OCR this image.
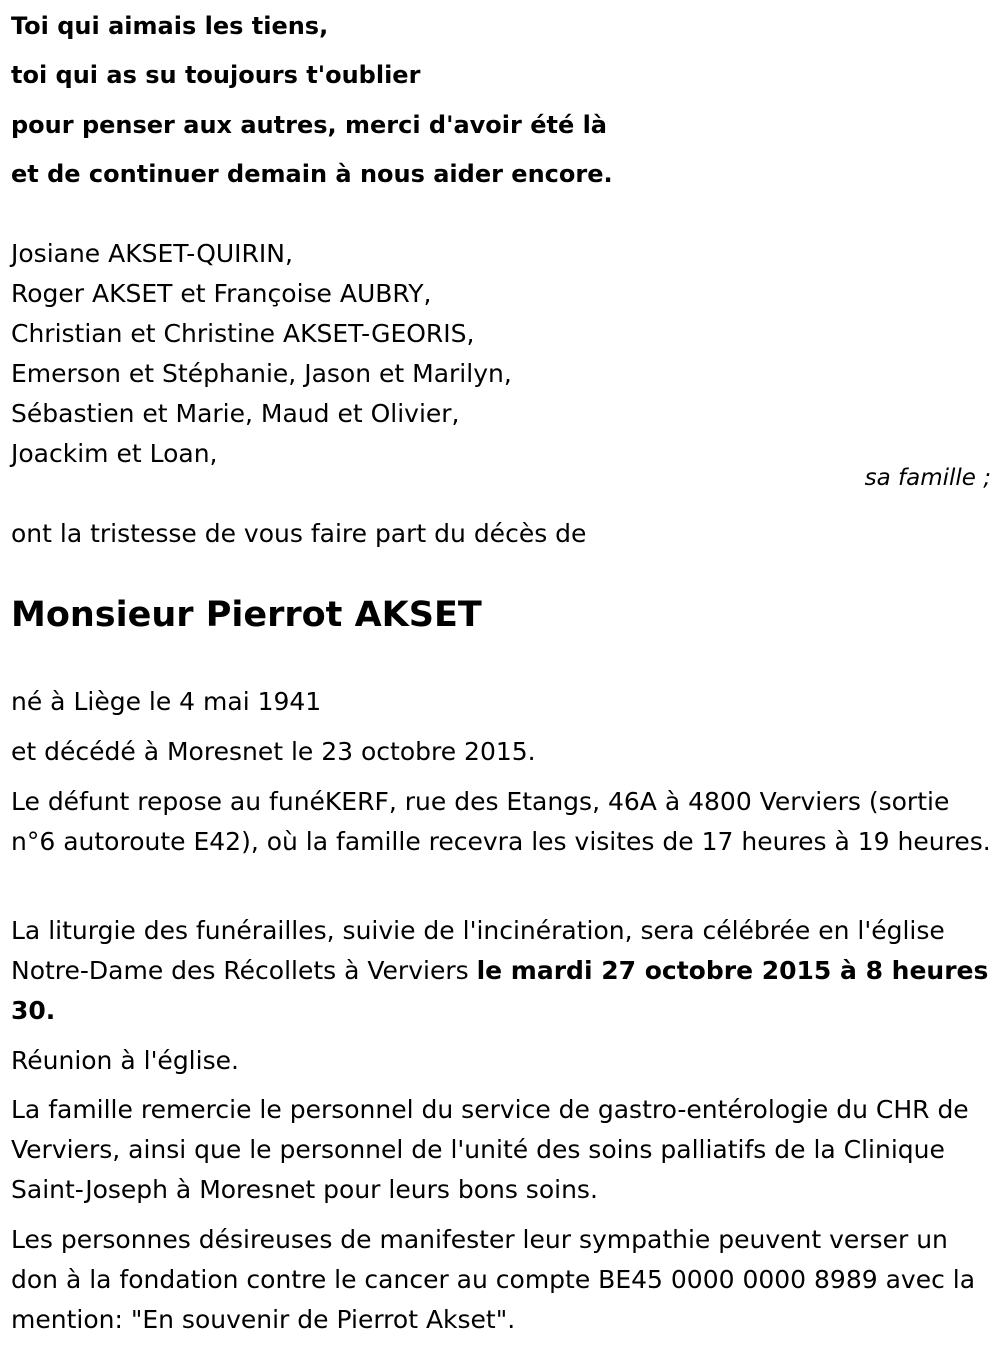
Toi qui aimais les tiens,
toi qui as su toujours t'oublier
pour penser aux autres, merci d'avoir été là
et de continuer demain à nous aider encore.
Josiane AKSET-QUIRIN,
Roger AKSET et Françoise AUBRY,
Christian et Christine AKSET-GEORIS,
Emerson et Stéphanie, Jason et Marilyn,
Sébastien et Marie, Maud et Olivier,
Joackim et Loan,
sa famille ;
ont la tristesse de vous faire part du décès de
Monsieur Pierrot AKSET
né à Liège le 4 mai 1941
et décédé à Moresnet le 23 octobre 2015.
Le défunt repose au funéKERF, rue des Etangs, 46A à 4800 Verviers (sortie n°6 autoroute E42), où la famille recevra les visites de 17 heures à 19 heures.
La liturgie des funérailles, suivie de l'incinération, sera célébrée en l'église Notre-Dame des Récollets à Verviers le mardi 27 octobre 2015 à 8 heures 30.
Réunion à l'église.
La famille remercie le personnel du service de gastro-entérologie du CHR de Verviers, ainsi que le personnel de l'unité des soins palliatifs de la Clinique Saint-Joseph à Moresnet pour leurs bons soins.
Les personnes désireuses de manifester leur sympathie peuvent verser un don à la fondation contre le cancer au compte BE45 0000 0000 8989 avec la mention: "En souvenir de Pierrot Akset".
